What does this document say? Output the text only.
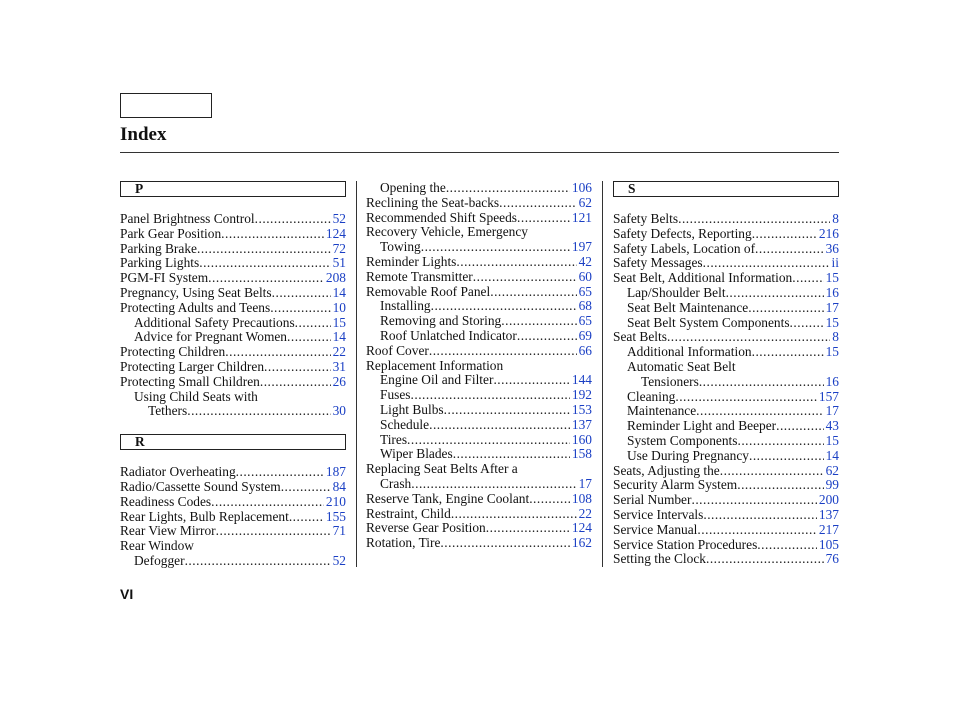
Index
P
Panel Brightness Control .....	52
Park Gear Position .....	124
Parking Brake .....	72
Parking Lights .....	51
PGM-FI System .....	208
Pregnancy, Using Seat Belts .....	14
Protecting Adults and Teens .....	10
Additional Safety Precautions .....	15
Advice for Pregnant Women .....	14
Protecting Children .....	22
Protecting Larger Children .....	31
Protecting Small Children .....	26
Using Child Seats with
Tethers .....	30
R
Radiator Overheating .....	187
Radio/Cassette Sound System .....	84
Readiness Codes .....	210
Rear Lights, Bulb Replacement .....	155
Rear View Mirror .....	71
Rear Window
Defogger .....	52
Opening the .....	106
Reclining the Seat-backs .....	62
Recommended Shift Speeds .....	121
Recovery Vehicle, Emergency
Towing .....	197
Reminder Lights .....	42
Remote Transmitter .....	60
Removable Roof Panel .....	65
Installing .....	68
Removing and Storing .....	65
Roof Unlatched Indicator .....	69
Roof Cover .....	66
Replacement Information
Engine Oil and Filter .....	144
Fuses .....	192
Light Bulbs .....	153
Schedule .....	137
Tires .....	160
Wiper Blades .....	158
Replacing Seat Belts After a
Crash .....	17
Reserve Tank, Engine Coolant .....	108
Restraint, Child .....	22
Reverse Gear Position .....	124
Rotation, Tire .....	162
S
Safety Belts .....	8
Safety Defects, Reporting .....	216
Safety Labels, Location of .....	36
Safety Messages .....	ii
Seat Belt, Additional Information ..... 15
Lap/Shoulder Belt .....	16
Seat Belt Maintenance .....	17
Seat Belt System Components .....	15
Seat Belts .....	8
Additional Information .....	15
Automatic Seat Belt
Tensioners .....	16
Cleaning .....	157
Maintenance .....	17
Reminder Light and Beeper .....	43
System Components .....	15
Use During Pregnancy .....	14
Seats, Adjusting the .....	62
Security Alarm System .....	99
Serial Number .....	200
Service Intervals .....	137
Service Manual .....	217
Service Station Procedures .....	105
Setting the Clock .....	76
VI
